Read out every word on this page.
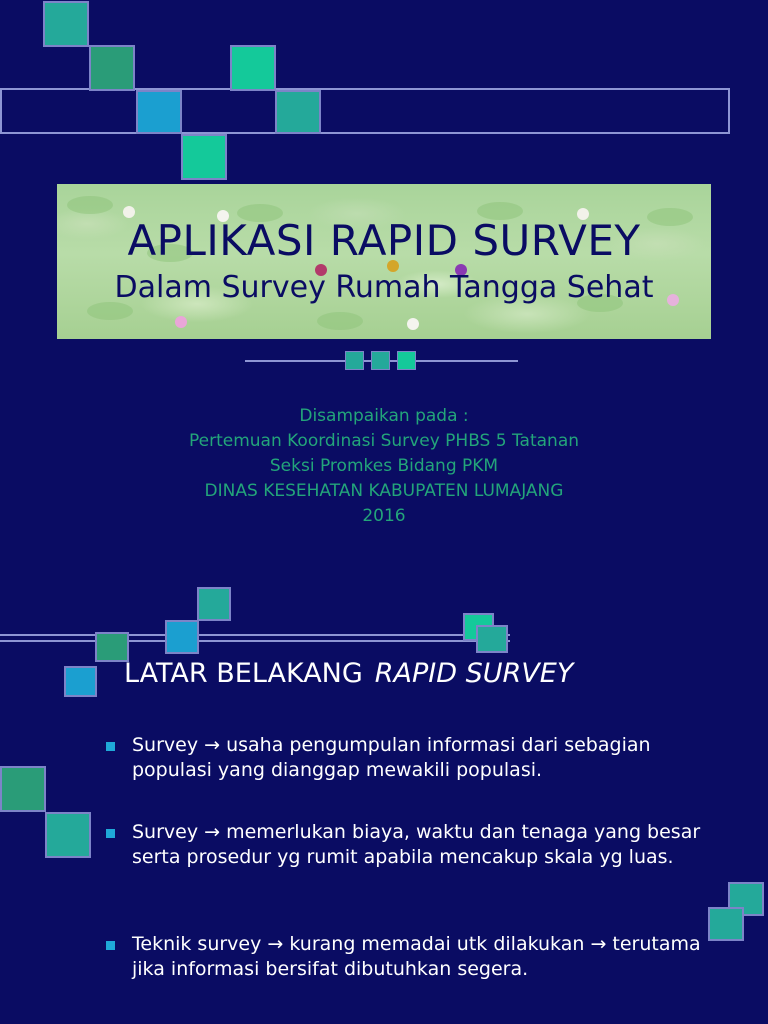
APLIKASI RAPID SURVEY
Dalam Survey Rumah Tangga Sehat
Disampaikan pada :
Pertemuan Koordinasi Survey PHBS 5 Tatanan
Seksi Promkes Bidang PKM
DINAS KESEHATAN KABUPATEN LUMAJANG
2016
LATAR BELAKANG RAPID SURVEY
Survey → usaha pengumpulan informasi dari sebagian populasi yang dianggap mewakili populasi.
Survey → memerlukan biaya, waktu dan tenaga yang besar serta prosedur yg rumit apabila mencakup skala yg luas.
Teknik survey → kurang memadai utk dilakukan → terutama jika informasi bersifat dibutuhkan segera.
